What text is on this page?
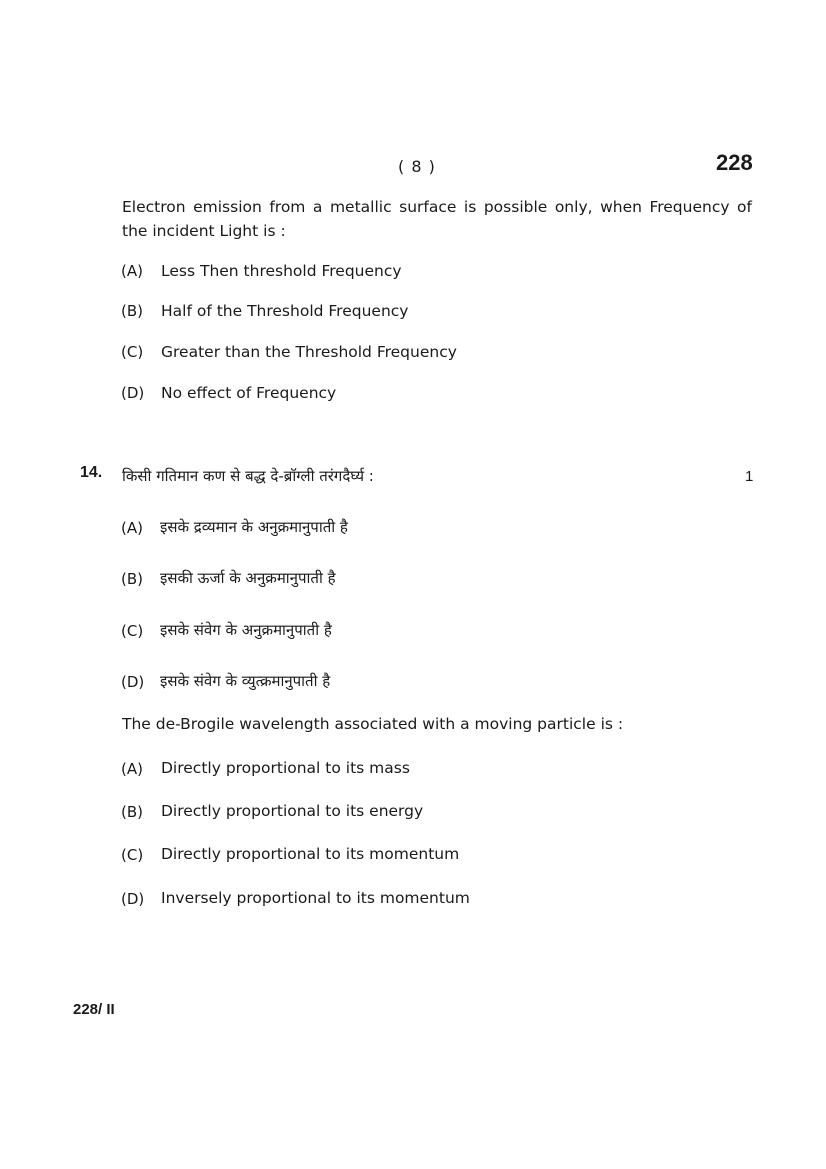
( 8 )	228
Electron emission from a metallic surface is possible only, when Frequency of the incident Light is :
(A) Less Then threshold Frequency
(B) Half of the Threshold Frequency
(C) Greater than the Threshold Frequency
(D) No effect of Frequency
14. किसी गतिमान कण से बद्ध दे-ब्रॉग्ली तरंगदैर्घ्य :	1
(A) इसके द्रव्यमान के अनुक्रमानुपाती है
(B) इसकी ऊर्जा के अनुक्रमानुपाती है
(C) इसके संवेग के अनुक्रमानुपाती है
(D) इसके संवेग के व्युत्क्रमानुपाती है
The de-Brogile wavelength associated with a moving particle is :
(A) Directly proportional to its mass
(B) Directly proportional to its energy
(C) Directly proportional to its momentum
(D) Inversely proportional to its momentum
228/ II
